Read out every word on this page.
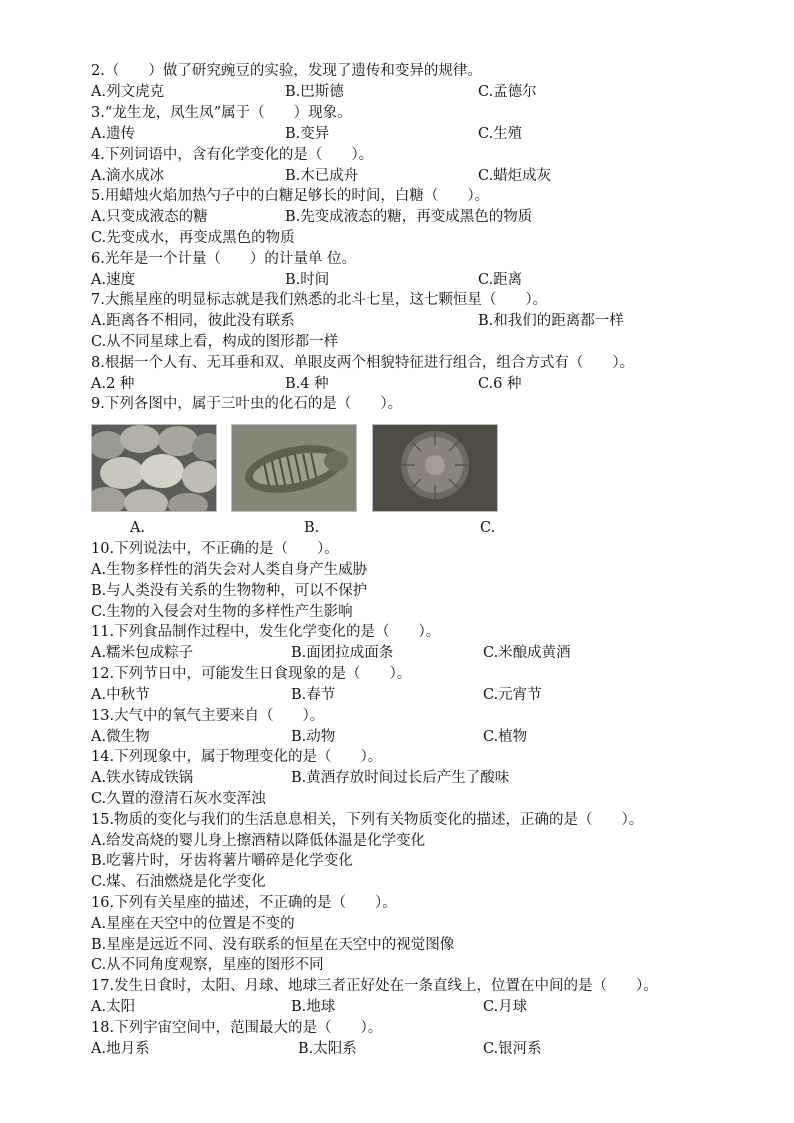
2.（　　）做了研究豌豆的实验，发现了遗传和变异的规律。
A.列文虎克	B.巴斯德	C.孟德尔
3.“龙生龙，凤生凤”属于（　　）现象。
A.遗传	B.变异	C.生殖
4.下列词语中，含有化学变化的是（　　）。
A.滴水成冰	B.木已成舟	C.蜡炬成灰
5.用蜡烛火焰加热勺子中的白糖足够长的时间，白糖（　　）。
A.只变成液态的糖	B.先变成液态的糖，再变成黑色的物质
C.先变成水，再变成黑色的物质
6.光年是一个计量（　　）的计量单 位。
A.速度	B.时间	C.距离
7.大熊星座的明显标志就是我们熟悉的北斗七星，这七颗恒星（　　）。
A.距离各不相同，彼此没有联系	B.和我们的距离都一样
C.从不同星球上看，构成的图形都一样
8.根据一个人有、无耳垂和双、单眼皮两个相貌特征进行组合，组合方式有（　　）。
A.2 种	B.4 种	C.6 种
9.下列各图中，属于三叶虫的化石的是（　　）。
A.	B.	C.
10.下列说法中，不正确的是（　　）。
A.生物多样性的消失会对人类自身产生威胁
B.与人类没有关系的生物物种，可以不保护
C.生物的入侵会对生物的多样性产生影响
11.下列食品制作过程中，发生化学变化的是（　　）。
A.糯米包成粽子	B.面团拉成面条	C.米酿成黄酒
12.下列节日中，可能发生日食现象的是（　　）。
A.中秋节	B.春节	C.元宵节
13.大气中的氧气主要来自（　　）。
A.微生物	B.动物	C.植物
14.下列现象中，属于物理变化的是（　　）。
A.铁水铸成铁锅	B.黄酒存放时间过长后产生了酸味
C.久置的澄清石灰水变浑浊
15.物质的变化与我们的生活息息相关，下列有关物质变化的描述，正确的是（　　）。
A.给发高烧的婴儿身上擦酒精以降低体温是化学变化
B.吃薯片时，牙齿将薯片嚼碎是化学变化
C.煤、石油燃烧是化学变化
16.下列有关星座的描述，不正确的是（　　）。
A.星座在天空中的位置是不变的
B.星座是远近不同、没有联系的恒星在天空中的视觉图像
C.从不同角度观察，星座的图形不同
17.发生日食时，太阳、月球、地球三者正好处在一条直线上，位置在中间的是（　　）。
A.太阳	B.地球	C.月球
18.下列宇宙空间中，范围最大的是（　　）。
A.地月系	B.太阳系	C.银河系
